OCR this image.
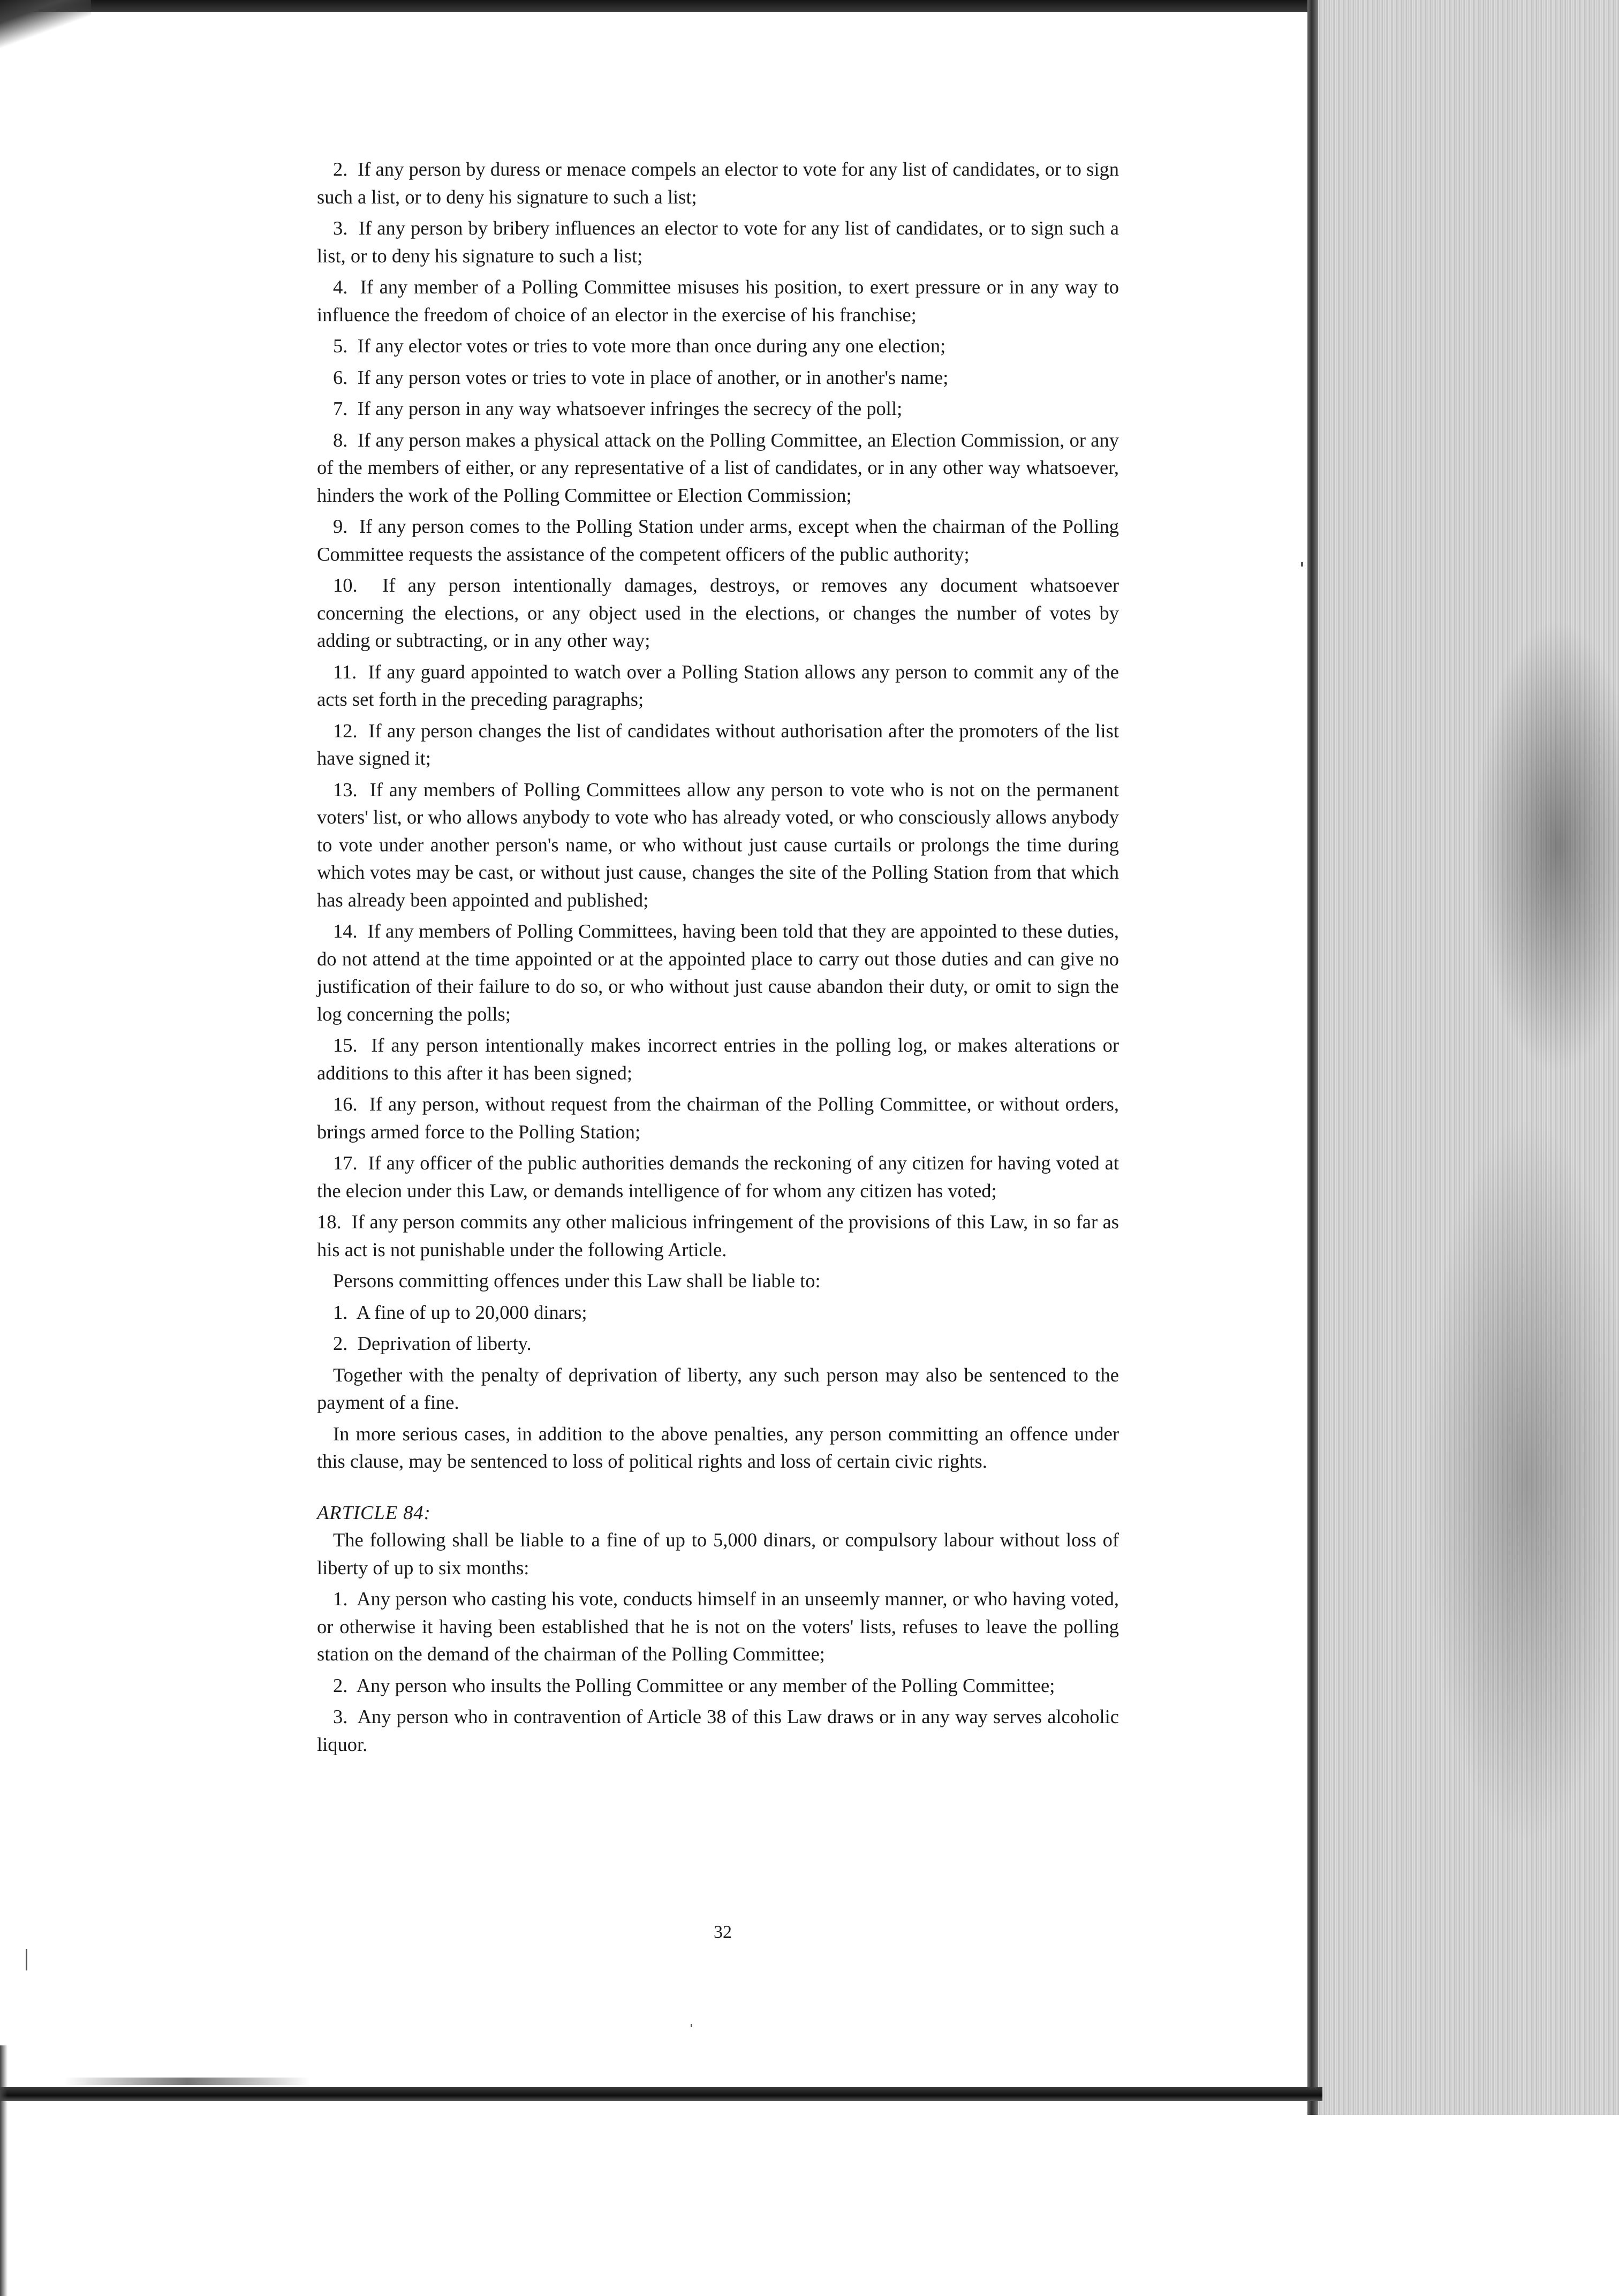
2. If any person by duress or menace compels an elector to vote for any list of candidates, or to sign such a list, or to deny his signature to such a list;

3. If any person by bribery influences an elector to vote for any list of candidates, or to sign such a list, or to deny his signature to such a list;

4. If any member of a Polling Committee misuses his position, to exert pressure or in any way to influence the freedom of choice of an elector in the exercise of his franchise;

5. If any elector votes or tries to vote more than once during any one election;

6. If any person votes or tries to vote in place of another, or in another's name;

7. If any person in any way whatsoever infringes the secrecy of the poll;

8. If any person makes a physical attack on the Polling Committee, an Election Commission, or any of the members of either, or any representative of a list of candidates, or in any other way whatsoever, hinders the work of the Polling Committee or Election Commission;

9. If any person comes to the Polling Station under arms, except when the chairman of the Polling Committee requests the assistance of the competent officers of the public authority;

10. If any person intentionally damages, destroys, or removes any document whatsoever concerning the elections, or any object used in the elections, or changes the number of votes by adding or subtracting, or in any other way;

11. If any guard appointed to watch over a Polling Station allows any person to commit any of the acts set forth in the preceding paragraphs;

12. If any person changes the list of candidates without authorisation after the promoters of the list have signed it;

13. If any members of Polling Committees allow any person to vote who is not on the permanent voters' list, or who allows anybody to vote who has already voted, or who consciously allows anybody to vote under another person's name, or who without just cause curtails or prolongs the time during which votes may be cast, or without just cause, changes the site of the Polling Station from that which has already been appointed and published;

14. If any members of Polling Committees, having been told that they are appointed to these duties, do not attend at the time appointed or at the appointed place to carry out those duties and can give no justification of their failure to do so, or who without just cause abandon their duty, or omit to sign the log concerning the polls;

15. If any person intentionally makes incorrect entries in the polling log, or makes alterations or additions to this after it has been signed;

16. If any person, without request from the chairman of the Polling Committee, or without orders, brings armed force to the Polling Station;

17. If any officer of the public authorities demands the reckoning of any citizen for having voted at the elecion under this Law, or demands intelligence of for whom any citizen has voted;

18. If any person commits any other malicious infringement of the provisions of this Law, in so far as his act is not punishable under the following Article.

Persons committing offences under this Law shall be liable to:

1. A fine of up to 20,000 dinars;

2. Deprivation of liberty.

Together with the penalty of deprivation of liberty, any such person may also be sentenced to the payment of a fine.

In more serious cases, in addition to the above penalties, any person committing an offence under this clause, may be sentenced to loss of political rights and loss of certain civic rights.

ARTICLE 84:

The following shall be liable to a fine of up to 5,000 dinars, or compulsory labour without loss of liberty of up to six months:

1. Any person who casting his vote, conducts himself in an unseemly manner, or who having voted, or otherwise it having been established that he is not on the voters' lists, refuses to leave the polling station on the demand of the chairman of the Polling Committee;

2. Any person who insults the Polling Committee or any member of the Polling Committee;

3. Any person who in contravention of Article 38 of this Law draws or in any way serves alcoholic liquor.

32
